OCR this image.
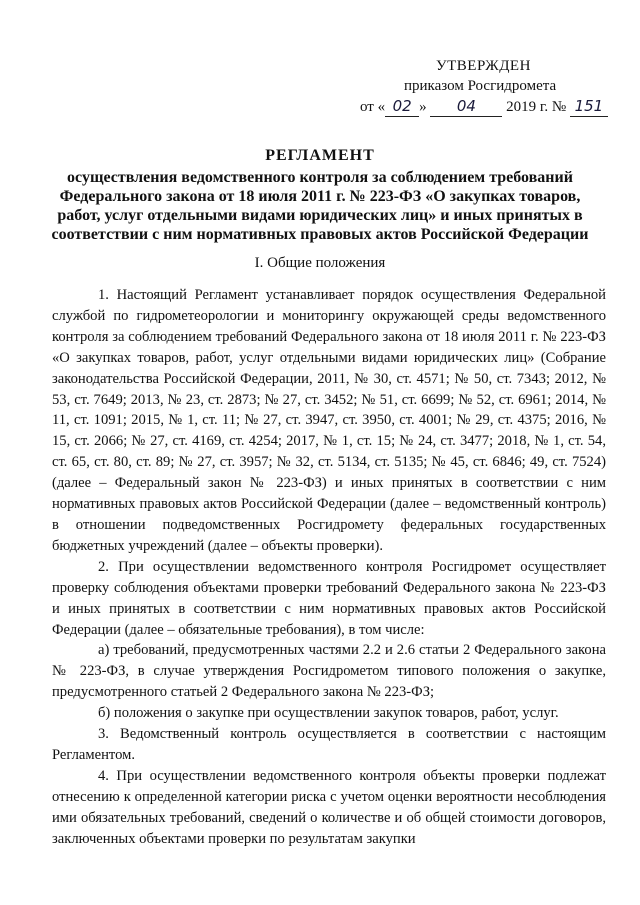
УТВЕРЖДЕН
приказом Росгидромета
от « 02 » 04 2019 г. № 151
РЕГЛАМЕНТ
осуществления ведомственного контроля за соблюдением требований Федерального закона от 18 июля 2011 г. № 223-ФЗ «О закупках товаров, работ, услуг отдельными видами юридических лиц» и иных принятых в соответствии с ним нормативных правовых актов Российской Федерации
I. Общие положения

1. Настоящий Регламент устанавливает порядок осуществления Федеральной службой по гидрометеорологии и мониторингу окружающей среды ведомственного контроля за соблюдением требований Федерального закона от 18 июля 2011 г. № 223-ФЗ «О закупках товаров, работ, услуг отдельными видами юридических лиц» (Собрание законодательства Российской Федерации, 2011, № 30, ст. 4571; № 50, ст. 7343; 2012, № 53, ст. 7649; 2013, № 23, ст. 2873; № 27, ст. 3452; № 51, ст. 6699; № 52, ст. 6961; 2014, № 11, ст. 1091; 2015, № 1, ст. 11; № 27, ст. 3947, ст. 3950, ст. 4001; № 29, ст. 4375; 2016, № 15, ст. 2066; № 27, ст. 4169, ст. 4254; 2017, № 1, ст. 15; № 24, ст. 3477; 2018, № 1, ст. 54, ст. 65, ст. 80, ст. 89; № 27, ст. 3957; № 32, ст. 5134, ст. 5135; № 45, ст. 6846; 49, ст. 7524) (далее – Федеральный закон № 223-ФЗ) и иных принятых в соответствии с ним нормативных правовых актов Российской Федерации (далее – ведомственный контроль) в отношении подведомственных Росгидромету федеральных государственных бюджетных учреждений (далее – объекты проверки).

2. При осуществлении ведомственного контроля Росгидромет осуществляет проверку соблюдения объектами проверки требований Федерального закона № 223-ФЗ и иных принятых в соответствии с ним нормативных правовых актов Российской Федерации (далее – обязательные требования), в том числе:

а) требований, предусмотренных частями 2.2 и 2.6 статьи 2 Федерального закона № 223-ФЗ, в случае утверждения Росгидрометом типового положения о закупке, предусмотренного статьей 2 Федерального закона № 223-ФЗ;

б) положения о закупке при осуществлении закупок товаров, работ, услуг.

3. Ведомственный контроль осуществляется в соответствии с настоящим Регламентом.

4. При осуществлении ведомственного контроля объекты проверки подлежат отнесению к определенной категории риска с учетом оценки вероятности несоблюдения ими обязательных требований, сведений о количестве и об общей стоимости договоров, заключенных объектами проверки по результатам закупки
